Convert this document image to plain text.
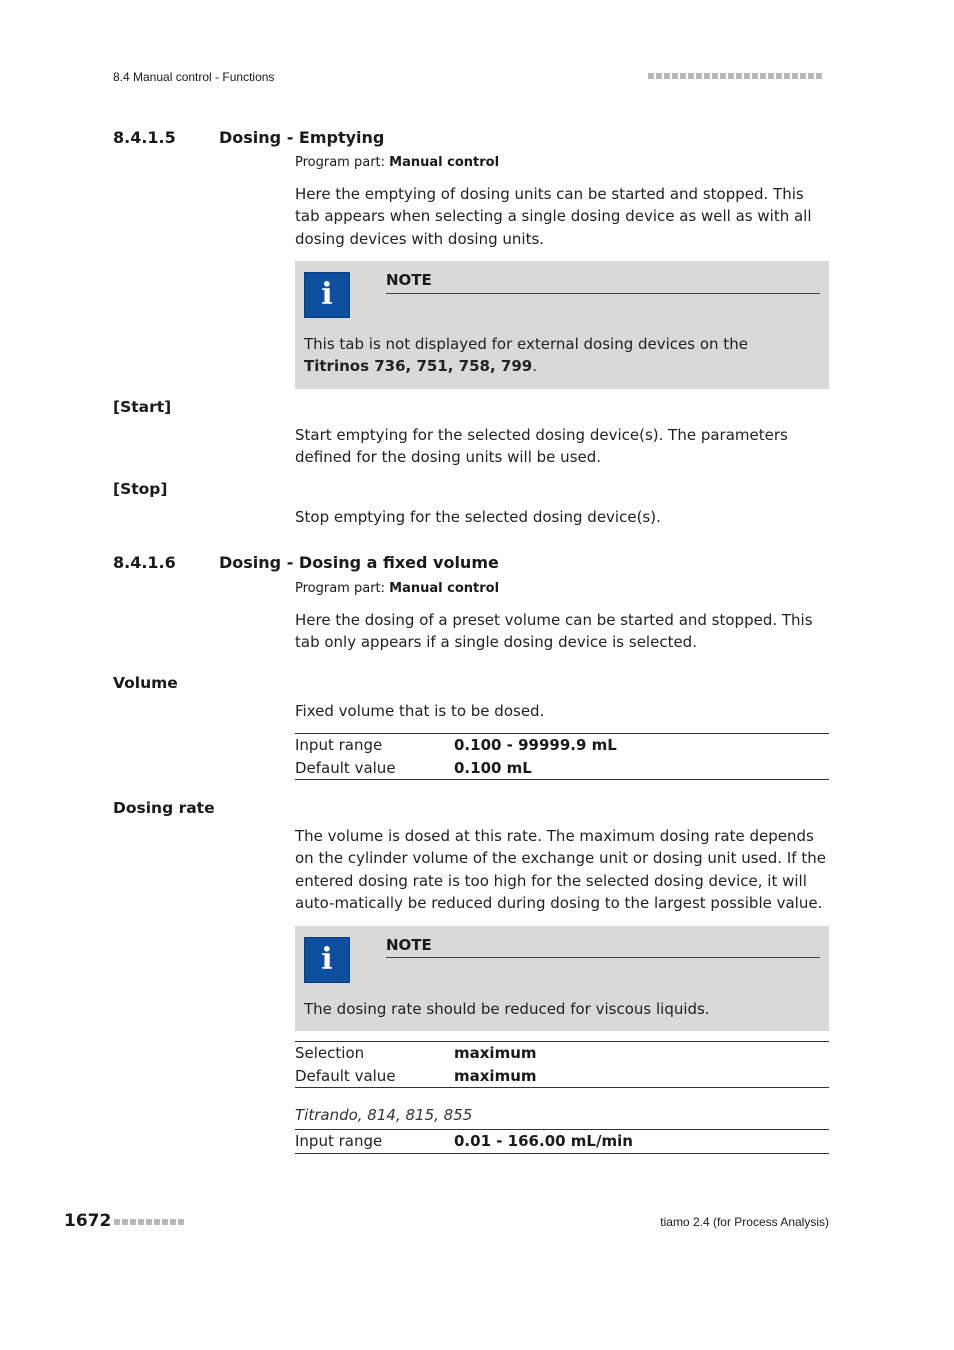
8.4 Manual control - Functions
8.4.1.5	Dosing - Emptying
Program part: Manual control
Here the emptying of dosing units can be started and stopped. This tab appears when selecting a single dosing device as well as with all dosing devices with dosing units.
i	NOTE
This tab is not displayed for external dosing devices on the Titrinos 736, 751, 758, 799.
[Start]
Start emptying for the selected dosing device(s). The parameters defined for the dosing units will be used.
[Stop]
Stop emptying for the selected dosing device(s).
8.4.1.6	Dosing - Dosing a fixed volume
Program part: Manual control
Here the dosing of a preset volume can be started and stopped. This tab only appears if a single dosing device is selected.
Volume
Fixed volume that is to be dosed.
Input range	0.100 - 99999.9 mL
Default value	0.100 mL
Dosing rate
The volume is dosed at this rate. The maximum dosing rate depends on the cylinder volume of the exchange unit or dosing unit used. If the entered dosing rate is too high for the selected dosing device, it will auto-matically be reduced during dosing to the largest possible value.
i	NOTE
The dosing rate should be reduced for viscous liquids.
Selection	maximum
Default value	maximum
Titrando, 814, 815, 855
Input range	0.01 - 166.00 mL/min
1672	tiamo 2.4 (for Process Analysis)
